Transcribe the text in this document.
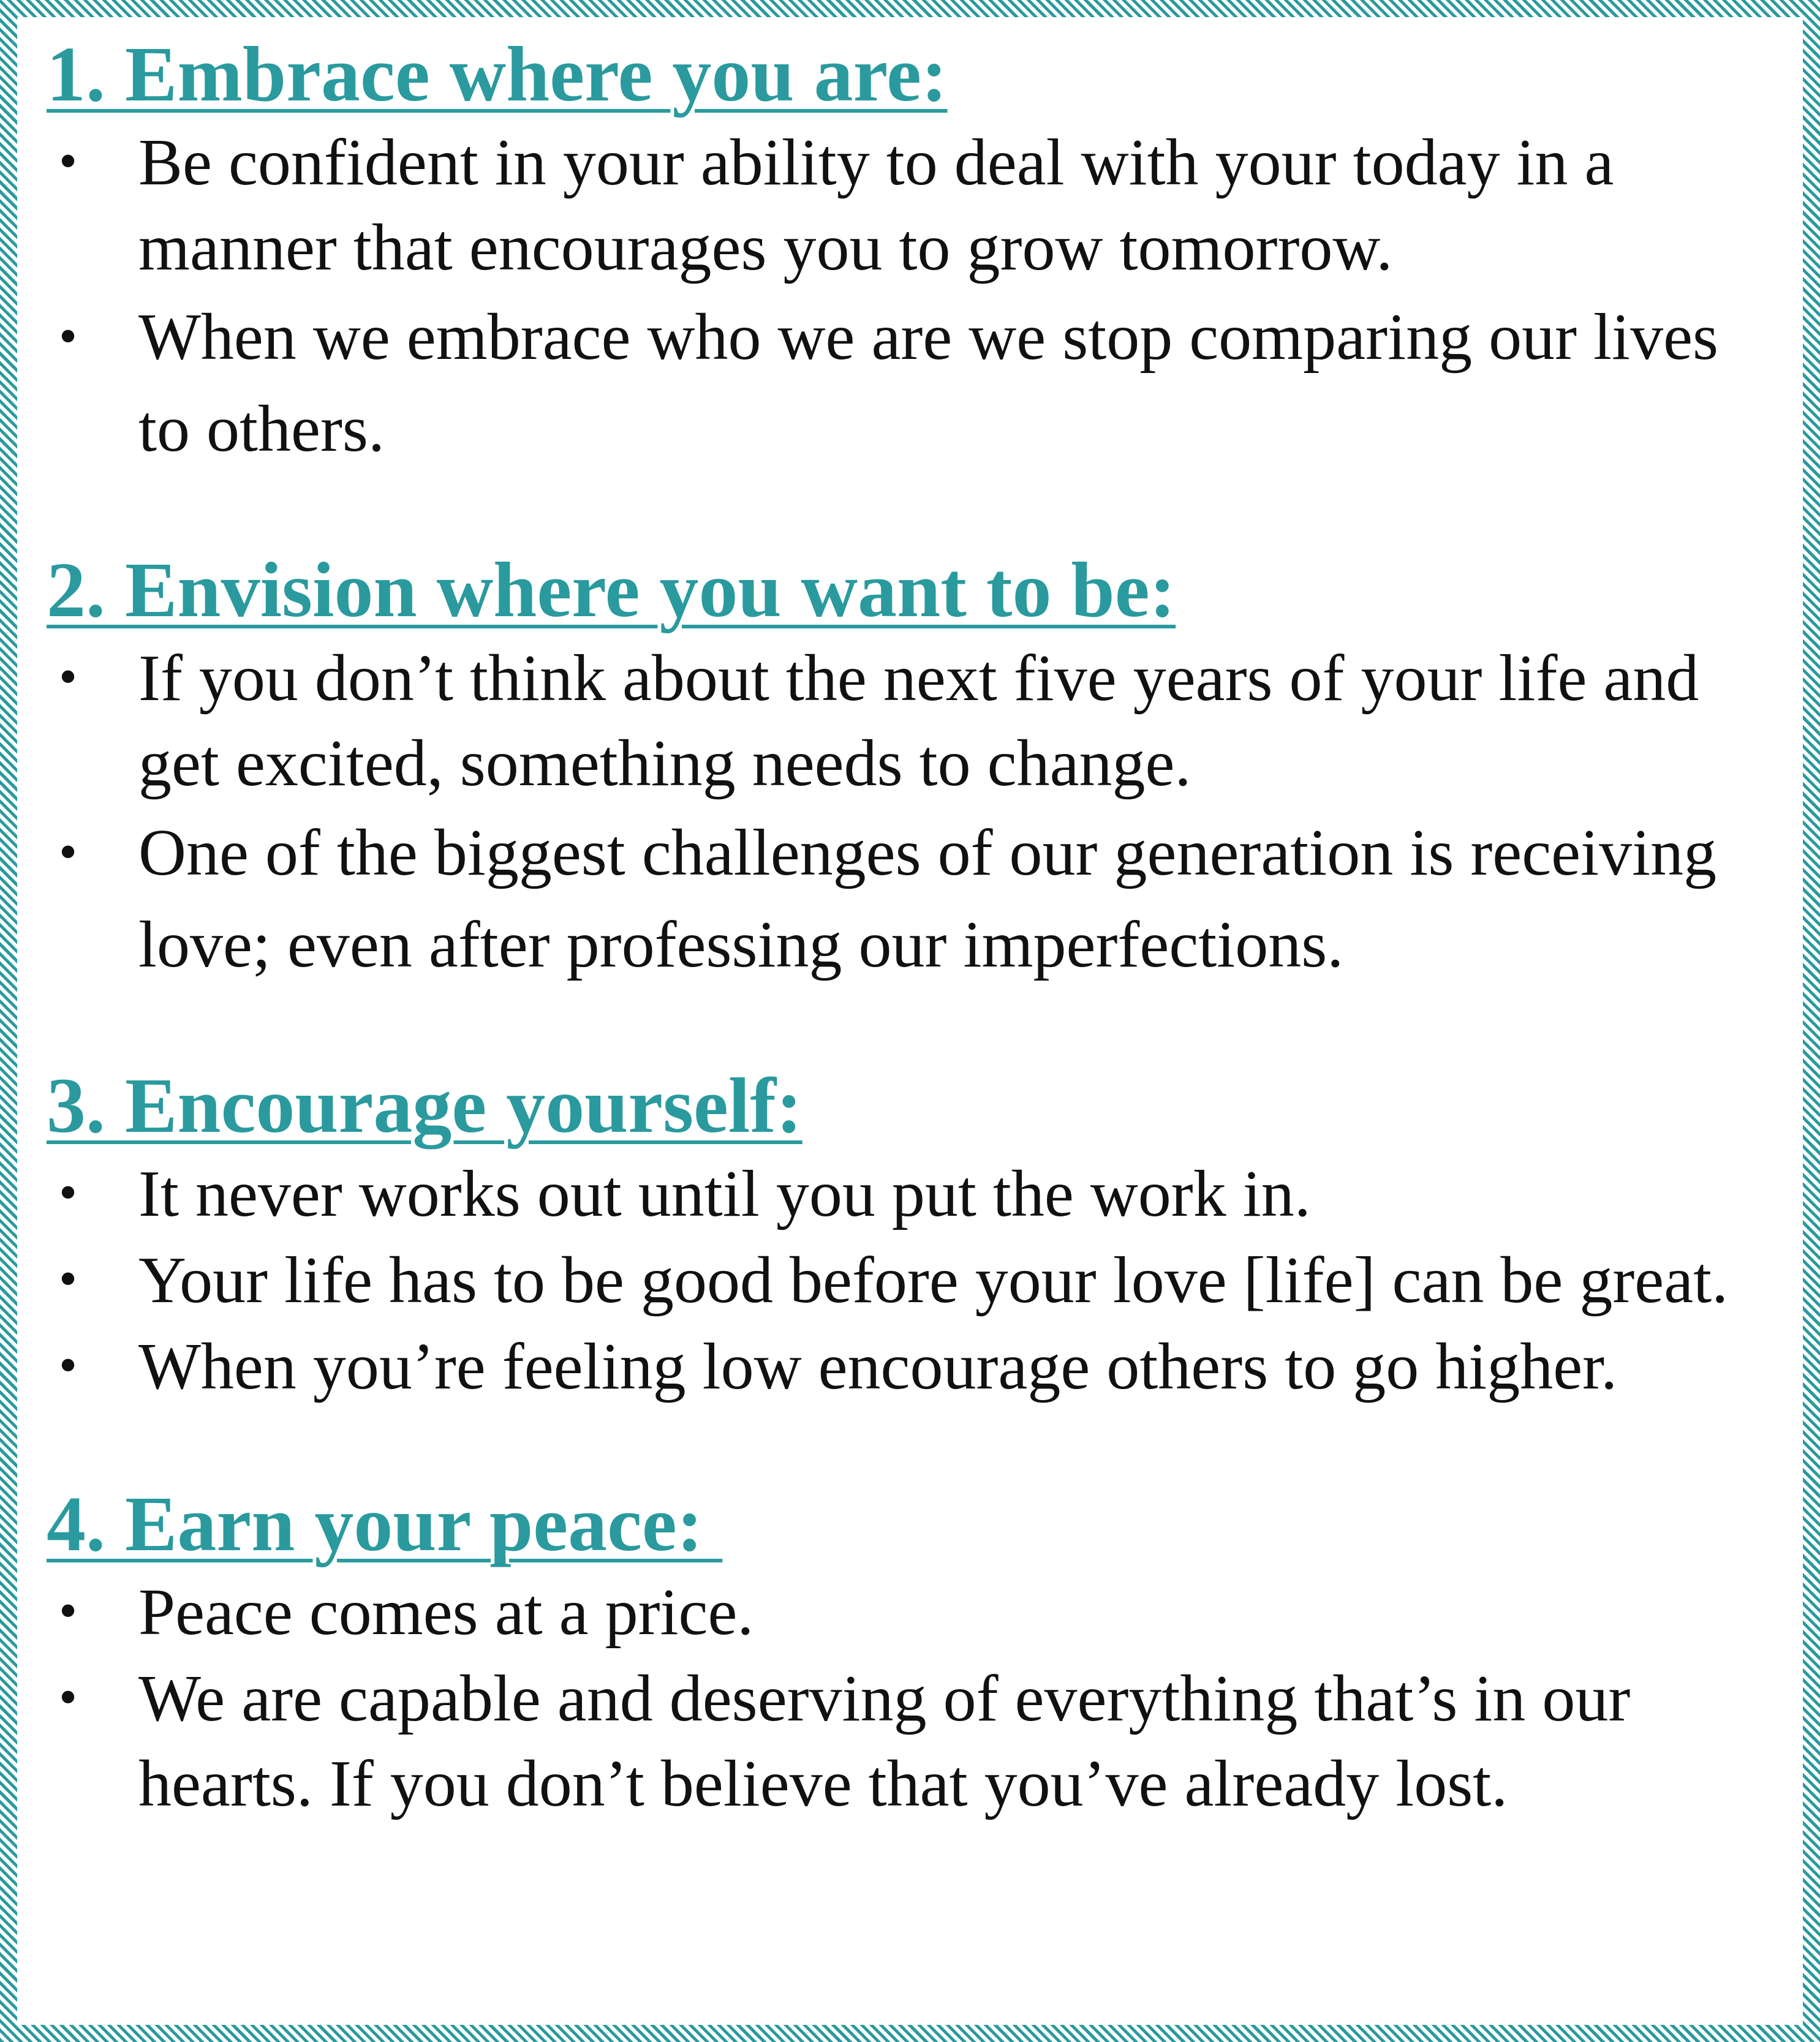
1. Embrace where you are:
• Be confident in your ability to deal with your today in a manner that encourages you to grow tomorrow.
• When we embrace who we are we stop comparing our lives to others.
2. Envision where you want to be:
• If you don’t think about the next five years of your life and get excited, something needs to change.
• One of the biggest challenges of our generation is receiving love; even after professing our imperfections.
3. Encourage yourself:
• It never works out until you put the work in.
• Your life has to be good before your love [life] can be great.
• When you’re feeling low encourage others to go higher.
4. Earn your peace:
• Peace comes at a price.
• We are capable and deserving of everything that’s in our hearts. If you don’t believe that you’ve already lost.
